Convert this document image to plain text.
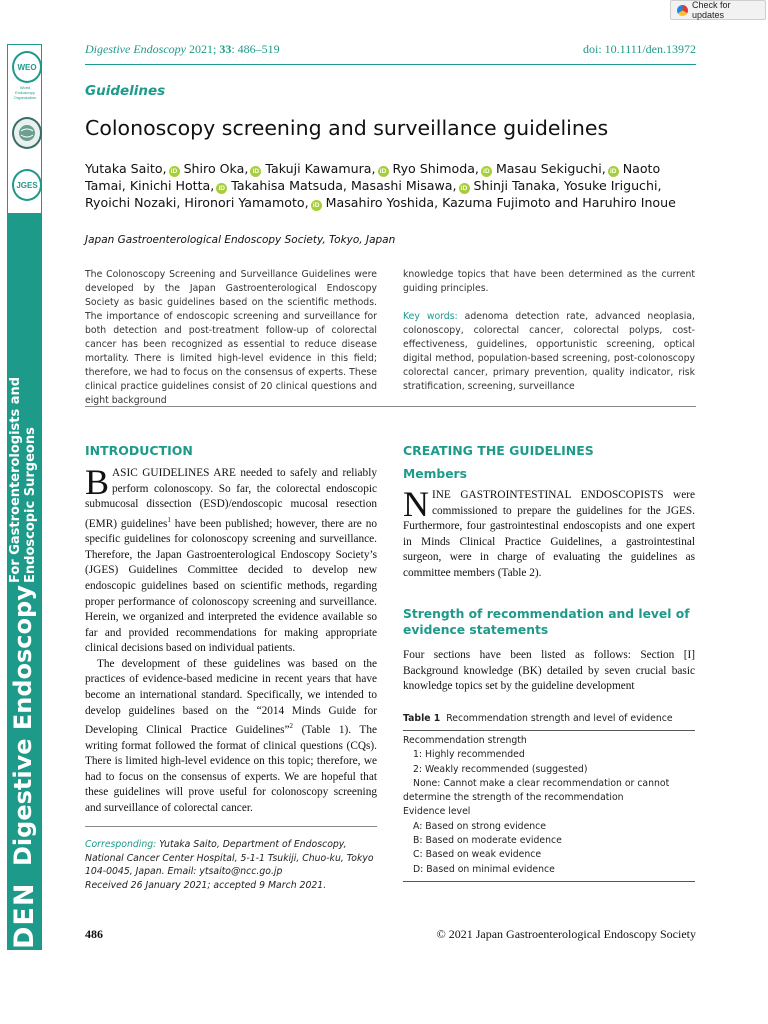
Check for updates
WEO
World Endoscopy Organization
JGES
DEN
Digestive Endoscopy
For Gastroenterologists and Endoscopic Surgeons
Digestive Endoscopy 2021; 33: 486–519	doi: 10.1111/den.13972
Guidelines
Colonoscopy screening and surveillance guidelines
Yutaka Saito, iD Shiro Oka, iD Takuji Kawamura, iD Ryo Shimoda, iD Masau Sekiguchi, iD Naoto Tamai, Kinichi Hotta, iD Takahisa Matsuda, Masashi Misawa, iD Shinji Tanaka, Yosuke Iriguchi, Ryoichi Nozaki, Hironori Yamamoto, iD Masahiro Yoshida, Kazuma Fujimoto and Haruhiro Inoue
Japan Gastroenterological Endoscopy Society, Tokyo, Japan
The Colonoscopy Screening and Surveillance Guidelines were developed by the Japan Gastroenterological Endoscopy Society as basic guidelines based on the scientific methods. The importance of endoscopic screening and surveillance for both detection and post-treatment follow-up of colorectal cancer has been recognized as essential to reduce disease mortality. There is limited high-level evidence in this field; therefore, we had to focus on the consensus of experts. These clinical practice guidelines consist of 20 clinical questions and eight background
knowledge topics that have been determined as the current guiding principles.
Key words: adenoma detection rate, advanced neoplasia, colonoscopy, colorectal cancer, colorectal polyps, cost-effectiveness, guidelines, opportunistic screening, optical digital method, population-based screening, post-colonoscopy colorectal cancer, primary prevention, quality indicator, risk stratification, screening, surveillance
INTRODUCTION

BASIC GUIDELINES ARE needed to safely and reliably perform colonoscopy. So far, the colorectal endoscopic submucosal dissection (ESD)/endoscopic mucosal resection (EMR) guidelines$^1$ have been published; however, there are no specific guidelines for colonoscopy screening and surveillance. Therefore, the Japan Gastroenterological Endoscopy Society’s (JGES) Guidelines Committee decided to develop new endoscopic guidelines based on scientific methods, regarding proper performance of colonoscopy screening and surveillance. Herein, we organized and interpreted the evidence available so far and provided recommendations for making appropriate clinical decisions based on individual patients.

The development of these guidelines was based on the practices of evidence-based medicine in recent years that have become an international standard. Specifically, we intended to develop guidelines based on the “2014 Minds Guide for Developing Clinical Practice Guidelines”$^2$ (Table 1). The writing format followed the format of clinical questions (CQs). There is limited high-level evidence on this topic; therefore, we had to focus on the consensus of experts. We are hopeful that these guidelines will prove useful for colonoscopy screening and surveillance of colorectal cancer.

Corresponding: Yutaka Saito, Department of Endoscopy, National Cancer Center Hospital, 5-1-1 Tsukiji, Chuo-ku, Tokyo 104-0045, Japan. Email: ytsaito@ncc.go.jp
Received 26 January 2021; accepted 9 March 2021.
CREATING THE GUIDELINES
Members
NINE GASTROINTESTINAL ENDOSCOPISTS were commissioned to prepare the guidelines for the JGES. Furthermore, four gastrointestinal endoscopists and one expert in Minds Clinical Practice Guidelines, a gastrointestinal surgeon, were in charge of evaluating the guidelines as committee members (Table 2).
Strength of recommendation and level of evidence statements
Four sections have been listed as follows: Section [I] Background knowledge (BK) detailed by seven crucial basic knowledge topics set by the guideline development
Table 1 Recommendation strength and level of evidence
Recommendation strength
1: Highly recommended
2: Weakly recommended (suggested)
None: Cannot make a clear recommendation or cannot
determine the strength of the recommendation
Evidence level
A: Based on strong evidence
B: Based on moderate evidence
C: Based on weak evidence
D: Based on minimal evidence
486	© 2021 Japan Gastroenterological Endoscopy Society
